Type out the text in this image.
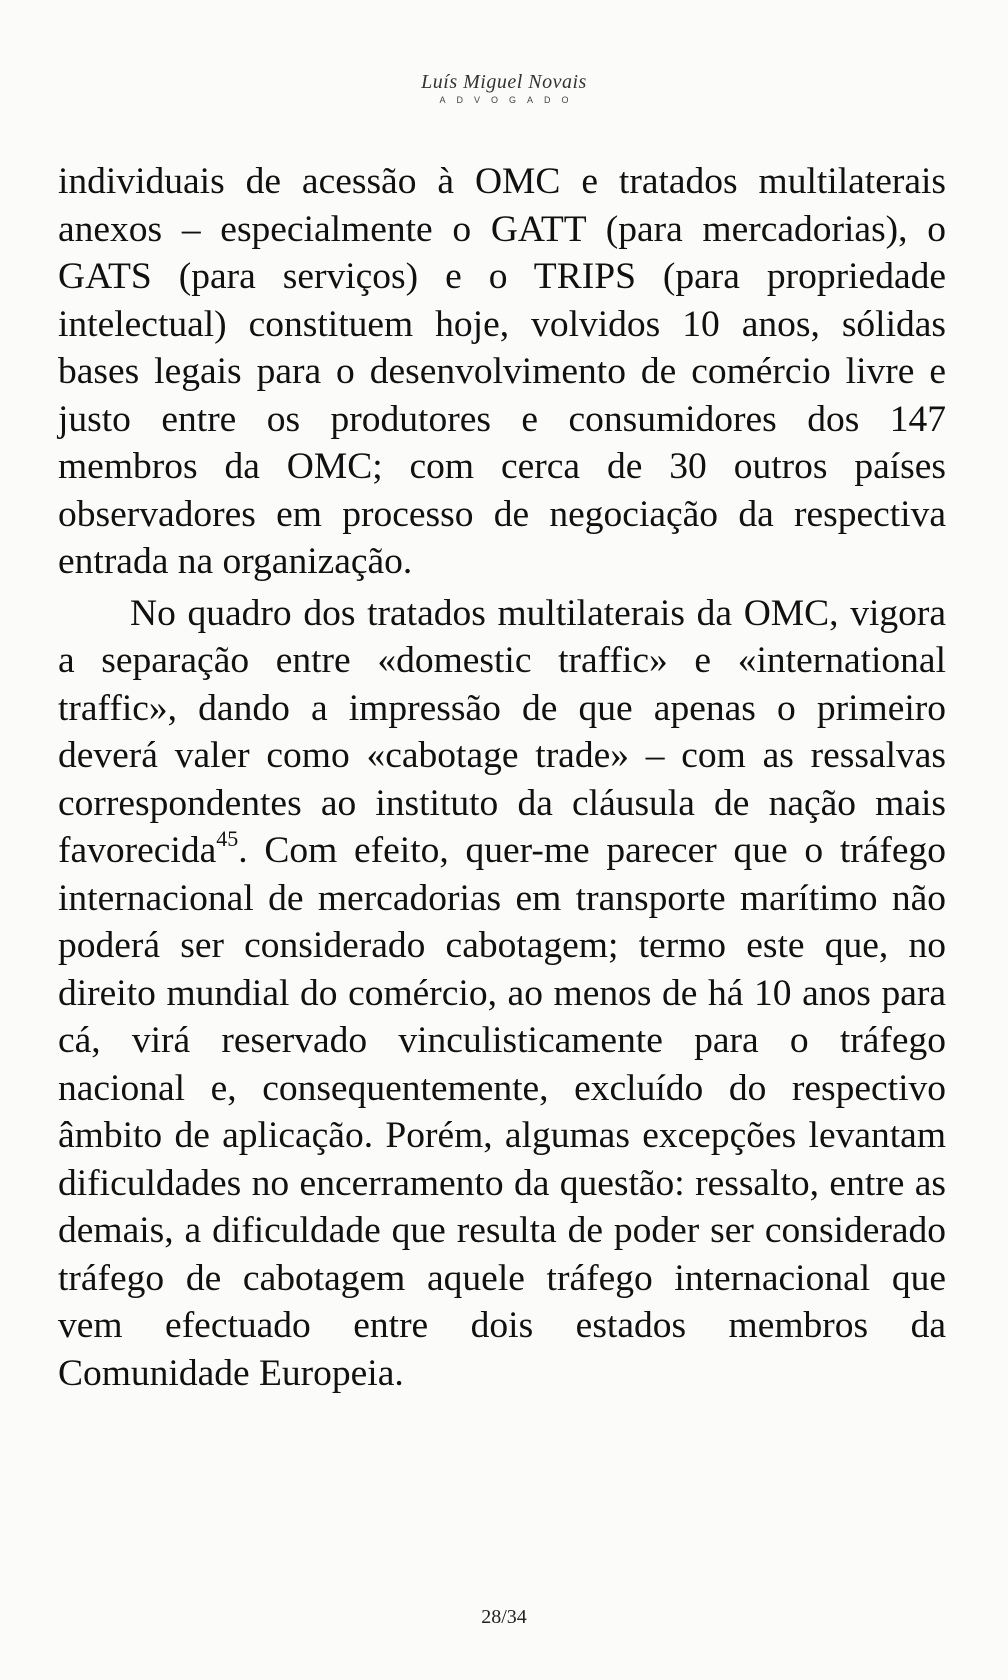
Luís Miguel Novais
ADVOGADO

individuais de acessão à OMC e tratados multilaterais anexos – especialmente o GATT (para mercadorias), o GATS (para serviços) e o TRIPS (para propriedade intelectual) constituem hoje, volvidos 10 anos, sólidas bases legais para o desenvolvimento de comércio livre e justo entre os produtores e consumidores dos 147 membros da OMC; com cerca de 30 outros países observadores em processo de negociação da respectiva entrada na organização.

No quadro dos tratados multilaterais da OMC, vigora a separação entre «domestic traffic» e «international traffic», dando a impressão de que apenas o primeiro deverá valer como «cabotage trade» – com as ressalvas correspondentes ao instituto da cláusula de nação mais favorecida$^{45}$. Com efeito, quer-me parecer que o tráfego internacional de mercadorias em transporte marítimo não poderá ser considerado cabotagem; termo este que, no direito mundial do comércio, ao menos de há 10 anos para cá, virá reservado vinculisticamente para o tráfego nacional e, consequentemente, excluído do respectivo âmbito de aplicação. Porém, algumas excepções levantam dificuldades no encerramento da questão: ressalto, entre as demais, a dificuldade que resulta de poder ser considerado tráfego de cabotagem aquele tráfego internacional que vem efectuado entre dois estados membros da Comunidade Europeia.

28/34
